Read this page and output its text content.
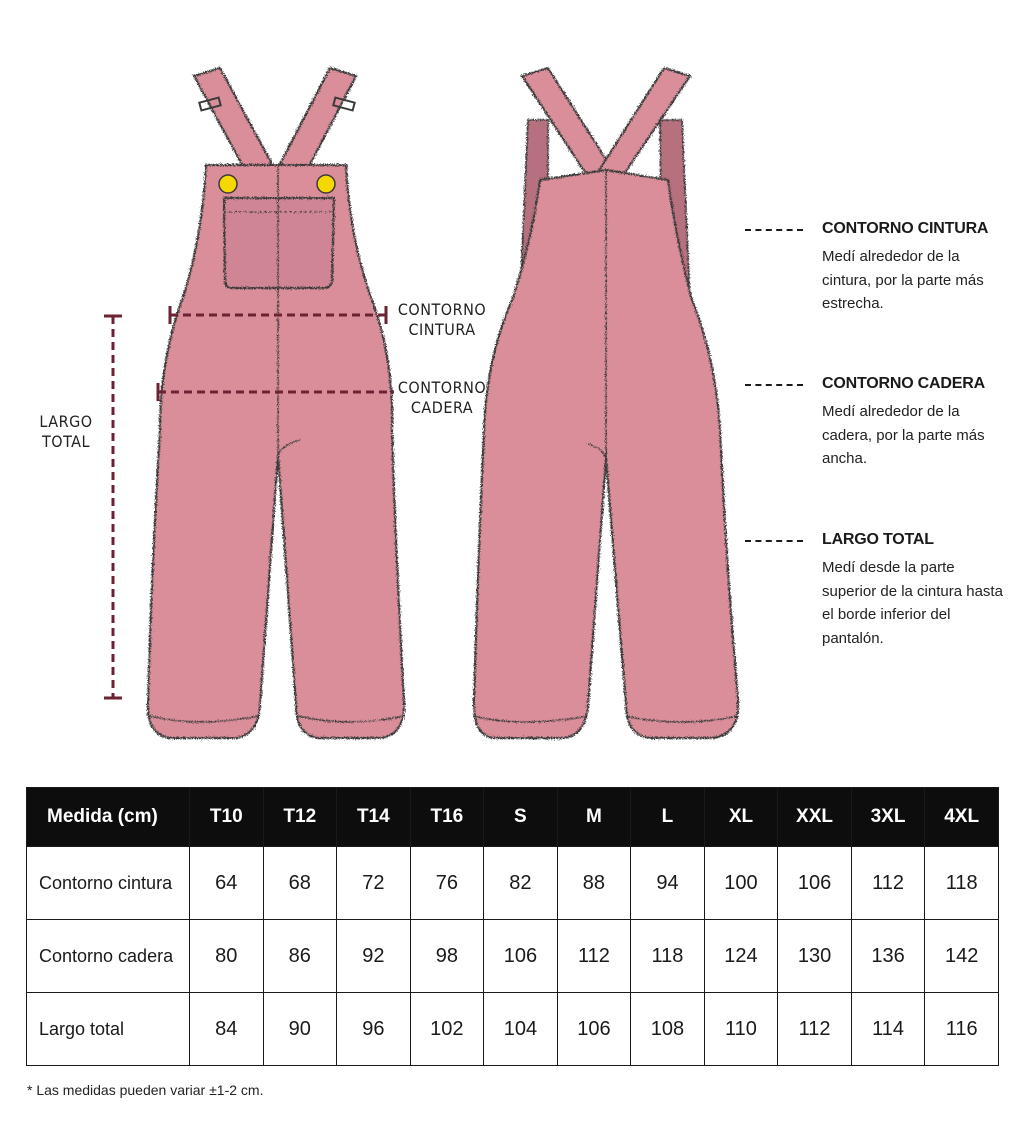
LARGO
TOTAL
CONTORNO
CINTURA
CONTORNO
CADERA
CONTORNO CINTURA
Medí alrededor de la cintura, por la parte más estrecha.
CONTORNO CADERA
Medí alrededor de la cadera, por la parte más ancha.
LARGO TOTAL
Medí desde la parte superior de la cintura hasta el borde inferior del pantalón.
Medida (cm)	T10	T12	T14	T16	S	M	L	XL	XXL	3XL	4XL
Contorno cintura	64	68	72	76	82	88	94	100	106	112	118
Contorno cadera	80	86	92	98	106	112	118	124	130	136	142
Largo total	84	90	96	102	104	106	108	110	112	114	116
* Las medidas pueden variar ±1-2 cm.
